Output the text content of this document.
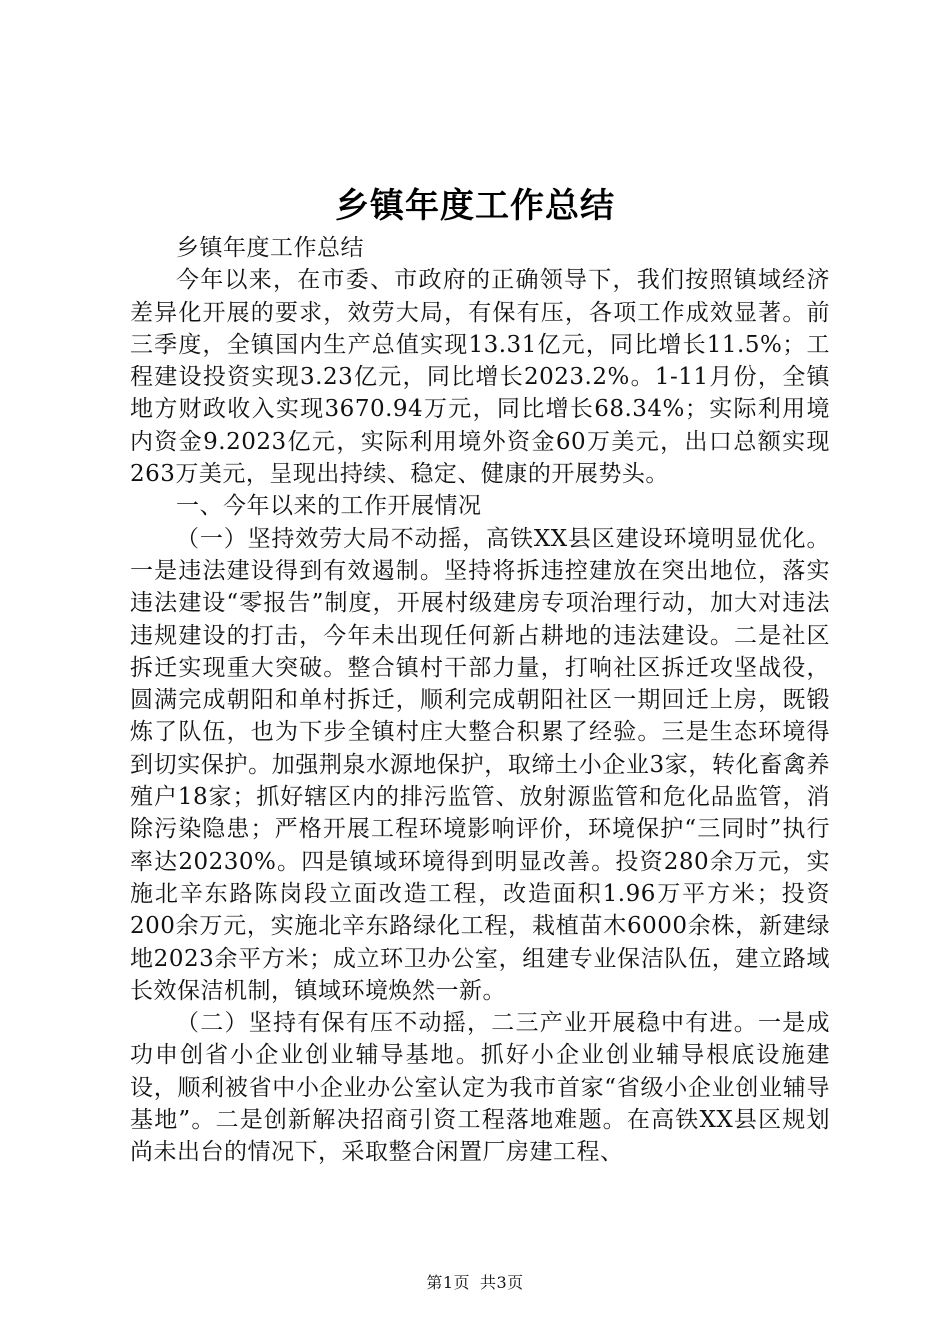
乡镇年度工作总结

乡镇年度工作总结

今年以来，在市委、市政府的正确领导下，我们按照镇域经济差异化开展的要求，效劳大局，有保有压，各项工作成效显著。前三季度，全镇国内生产总值实现13.31亿元，同比增长11.5%；工程建设投资实现3.23亿元，同比增长2023.2%。1-11月份，全镇地方财政收入实现3670.94万元，同比增长68.34%；实际利用境内资金9.2023亿元，实际利用境外资金60万美元，出口总额实现263万美元，呈现出持续、稳定、健康的开展势头。

一、今年以来的工作开展情况

（一）坚持效劳大局不动摇，高铁XX县区建设环境明显优化。一是违法建设得到有效遏制。坚持将拆违控建放在突出地位，落实违法建设“零报告”制度，开展村级建房专项治理行动，加大对违法违规建设的打击，今年未出现任何新占耕地的违法建设。二是社区拆迁实现重大突破。整合镇村干部力量，打响社区拆迁攻坚战役，圆满完成朝阳和单村拆迁，顺利完成朝阳社区一期回迁上房，既锻炼了队伍，也为下步全镇村庄大整合积累了经验。三是生态环境得到切实保护。加强荆泉水源地保护，取缔土小企业3家，转化畜禽养殖户18家；抓好辖区内的排污监管、放射源监管和危化品监管，消除污染隐患；严格开展工程环境影响评价，环境保护“三同时”执行率达20230%。四是镇域环境得到明显改善。投资280余万元，实施北辛东路陈岗段立面改造工程，改造面积1.96万平方米；投资200余万元，实施北辛东路绿化工程，栽植苗木6000余株，新建绿地2023余平方米；成立环卫办公室，组建专业保洁队伍，建立路域长效保洁机制，镇域环境焕然一新。

（二）坚持有保有压不动摇，二三产业开展稳中有进。一是成功申创省小企业创业辅导基地。抓好小企业创业辅导根底设施建设，顺利被省中小企业办公室认定为我市首家“省级小企业创业辅导基地”。二是创新解决招商引资工程落地难题。在高铁XX县区规划尚未出台的情况下，采取整合闲置厂房建工程、

第1页 共3页
